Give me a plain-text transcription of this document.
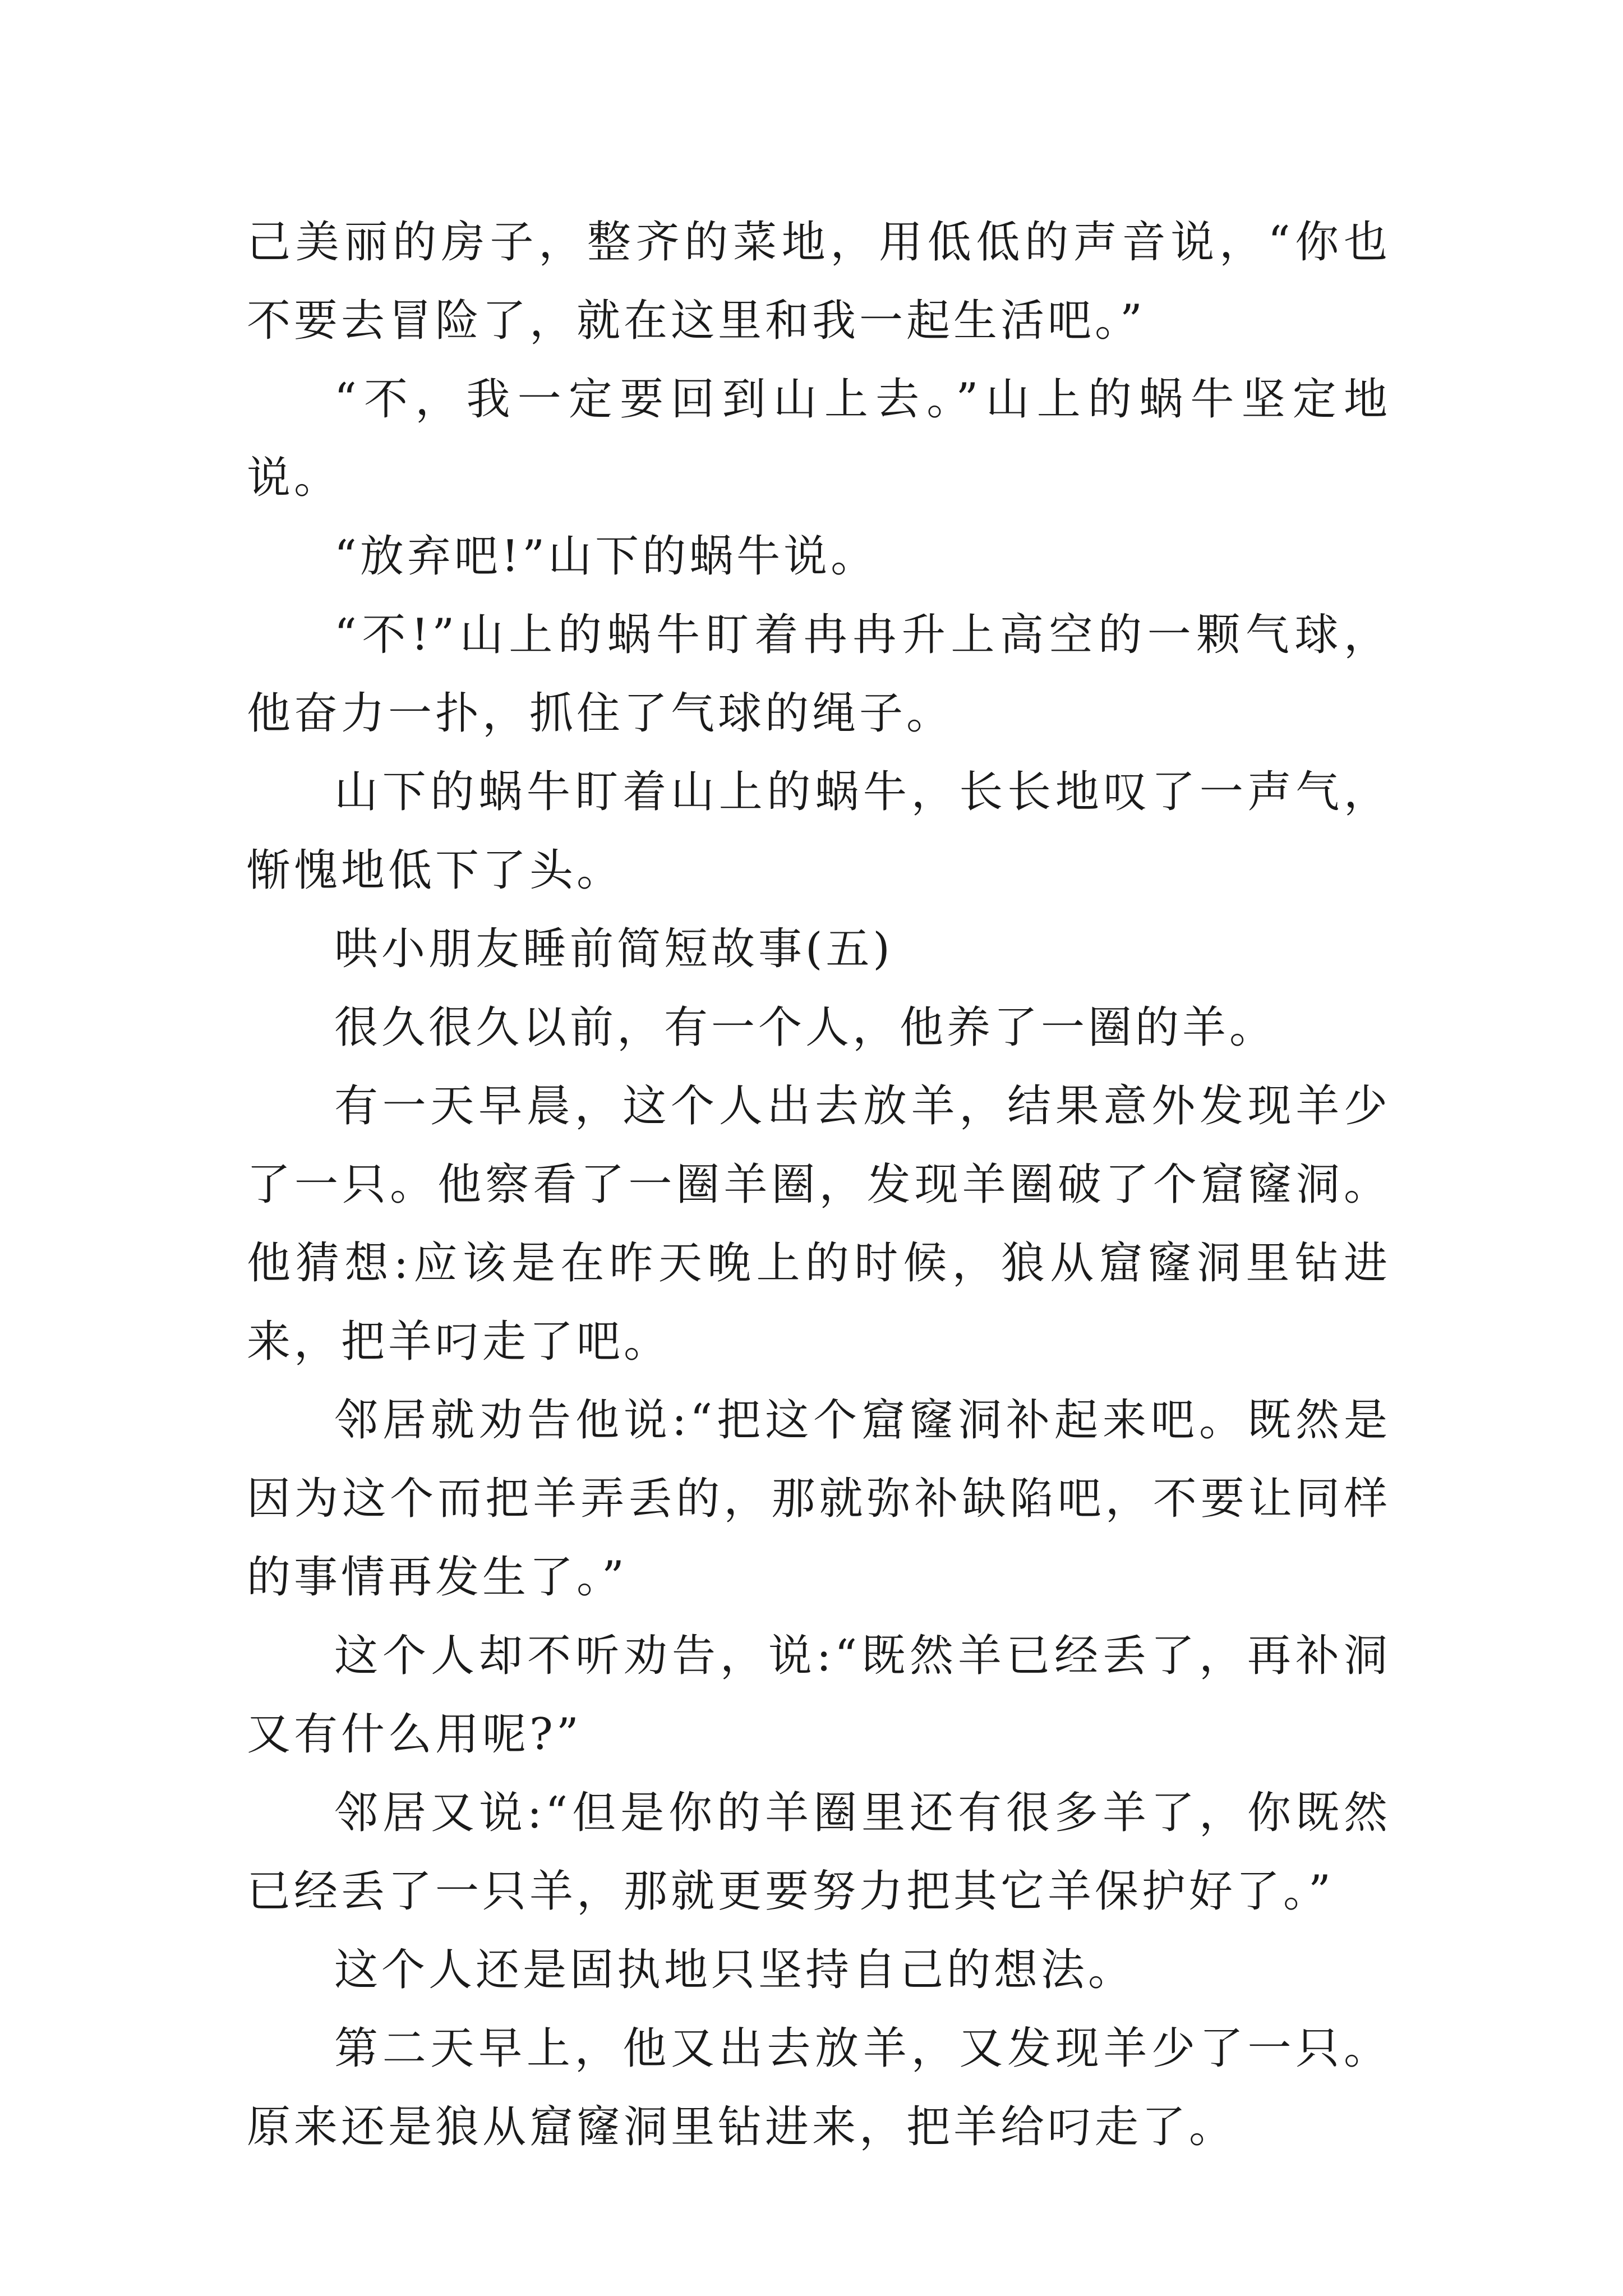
己美丽的房子，整齐的菜地，用低低的声音说，“你也不要去冒险了，就在这里和我一起生活吧。”

“不，我一定要回到山上去。”山上的蜗牛坚定地说。

“放弃吧!”山下的蜗牛说。

“不!”山上的蜗牛盯着冉冉升上高空的一颗气球，他奋力一扑，抓住了气球的绳子。

山下的蜗牛盯着山上的蜗牛，长长地叹了一声气，惭愧地低下了头。

哄小朋友睡前简短故事(五)

很久很久以前，有一个人，他养了一圈的羊。

有一天早晨，这个人出去放羊，结果意外发现羊少了一只。他察看了一圈羊圈，发现羊圈破了个窟窿洞。他猜想:应该是在昨天晚上的时候，狼从窟窿洞里钻进来，把羊叼走了吧。

邻居就劝告他说:“把这个窟窿洞补起来吧。既然是因为这个而把羊弄丢的，那就弥补缺陷吧，不要让同样的事情再发生了。”

这个人却不听劝告，说:“既然羊已经丢了，再补洞又有什么用呢?”

邻居又说:“但是你的羊圈里还有很多羊了，你既然已经丢了一只羊，那就更要努力把其它羊保护好了。”

这个人还是固执地只坚持自己的想法。

第二天早上，他又出去放羊，又发现羊少了一只。原来还是狼从窟窿洞里钻进来，把羊给叼走了。
